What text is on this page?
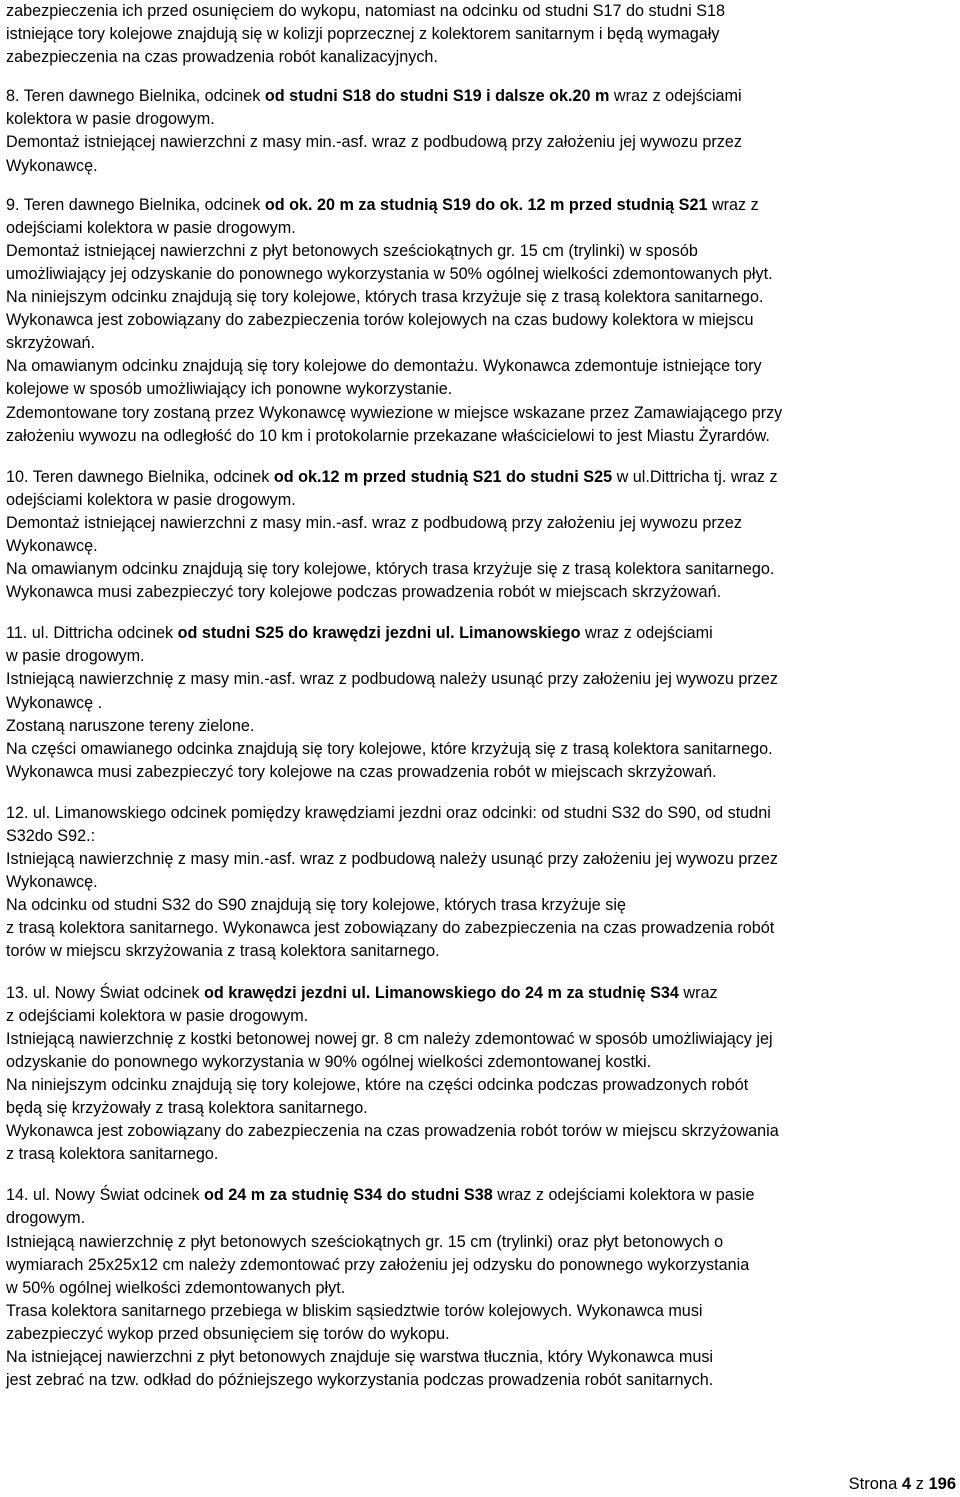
zabezpieczenia ich przed osunięciem do wykopu, natomiast na odcinku od studni S17 do studni S18

istniejące tory kolejowe znajdują się w kolizji poprzecznej z kolektorem sanitarnym i będą wymagały

zabezpieczenia na czas prowadzenia robót kanalizacyjnych.

8. Teren dawnego Bielnika, odcinek od studni S18 do studni S19 i dalsze ok.20 m wraz z odejściami

kolektora w pasie drogowym.

Demontaż istniejącej nawierzchni z masy min.-asf. wraz z podbudową przy założeniu jej wywozu przez

Wykonawcę.

9. Teren dawnego Bielnika, odcinek od ok. 20 m za studnią S19 do ok. 12 m przed studnią S21 wraz z

odejściami kolektora w pasie drogowym.

Demontaż istniejącej nawierzchni z płyt betonowych sześciokątnych gr. 15 cm (trylinki) w sposób

umożliwiający jej odzyskanie do ponownego wykorzystania w 50% ogólnej wielkości zdemontowanych płyt.

Na niniejszym odcinku znajdują się tory kolejowe, których trasa krzyżuje się z trasą kolektora sanitarnego.

Wykonawca jest zobowiązany do zabezpieczenia torów kolejowych na czas budowy kolektora w miejscu

skrzyżowań.

Na omawianym odcinku znajdują się tory kolejowe do demontażu. Wykonawca zdemontuje istniejące tory

kolejowe w sposób umożliwiający ich ponowne wykorzystanie.

Zdemontowane tory zostaną przez Wykonawcę wywiezione w miejsce wskazane przez Zamawiającego przy

założeniu wywozu na odległość do 10 km i protokolarnie przekazane właścicielowi to jest Miastu Żyrardów.

10. Teren dawnego Bielnika, odcinek od ok.12 m przed studnią S21 do studni S25 w ul.Dittricha tj. wraz z

odejściami kolektora w pasie drogowym.

Demontaż istniejącej nawierzchni z masy min.-asf. wraz z podbudową przy założeniu jej wywozu przez

Wykonawcę.

Na omawianym odcinku znajdują się tory kolejowe, których trasa krzyżuje się z trasą kolektora sanitarnego.

Wykonawca musi zabezpieczyć tory kolejowe podczas prowadzenia robót w miejscach skrzyżowań.

11. ul. Dittricha odcinek od studni S25 do krawędzi jezdni ul. Limanowskiego wraz z odejściami

w pasie drogowym.

Istniejącą nawierzchnię z masy min.-asf. wraz z podbudową należy usunąć przy założeniu jej wywozu przez

Wykonawcę .

Zostaną naruszone tereny zielone.

Na części omawianego odcinka znajdują się tory kolejowe, które krzyżują się z trasą kolektora sanitarnego.

Wykonawca musi zabezpieczyć tory kolejowe na czas prowadzenia robót w miejscach skrzyżowań.

12. ul. Limanowskiego odcinek pomiędzy krawędziami jezdni oraz odcinki: od studni S32 do S90, od studni

S32do S92.:

Istniejącą nawierzchnię z masy min.-asf. wraz z podbudową należy usunąć przy założeniu jej wywozu przez

Wykonawcę.

Na odcinku od studni S32 do S90 znajdują się tory kolejowe, których trasa krzyżuje się

z trasą kolektora sanitarnego. Wykonawca jest zobowiązany do zabezpieczenia na czas prowadzenia robót

torów w miejscu skrzyżowania z trasą kolektora sanitarnego.

13. ul. Nowy Świat odcinek od krawędzi jezdni ul. Limanowskiego do 24 m za studnię S34 wraz

z odejściami kolektora w pasie drogowym.

Istniejącą nawierzchnię z kostki betonowej nowej gr. 8 cm należy zdemontować w sposób umożliwiający jej

odzyskanie do ponownego wykorzystania w 90% ogólnej wielkości zdemontowanej kostki.

Na niniejszym odcinku znajdują się tory kolejowe, które na części odcinka podczas prowadzonych robót

będą się krzyżowały z trasą kolektora sanitarnego.

Wykonawca jest zobowiązany do zabezpieczenia na czas prowadzenia robót torów w miejscu skrzyżowania

z trasą kolektora sanitarnego.

14. ul. Nowy Świat odcinek od 24 m za studnię S34 do studni S38 wraz z odejściami kolektora w pasie

drogowym.

Istniejącą nawierzchnię z płyt betonowych sześciokątnych gr. 15 cm (trylinki) oraz płyt betonowych o

wymiarach 25x25x12 cm należy zdemontować przy założeniu jej odzysku do ponownego wykorzystania

w 50% ogólnej wielkości zdemontowanych płyt.

Trasa kolektora sanitarnego przebiega w bliskim sąsiedztwie torów kolejowych. Wykonawca musi

zabezpieczyć wykop przed obsunięciem się torów do wykopu.

Na istniejącej nawierzchni z płyt betonowych znajduje się warstwa tłucznia, który Wykonawca musi

jest zebrać na tzw. odkład do późniejszego wykorzystania podczas prowadzenia robót sanitarnych.

Strona 4 z 196
